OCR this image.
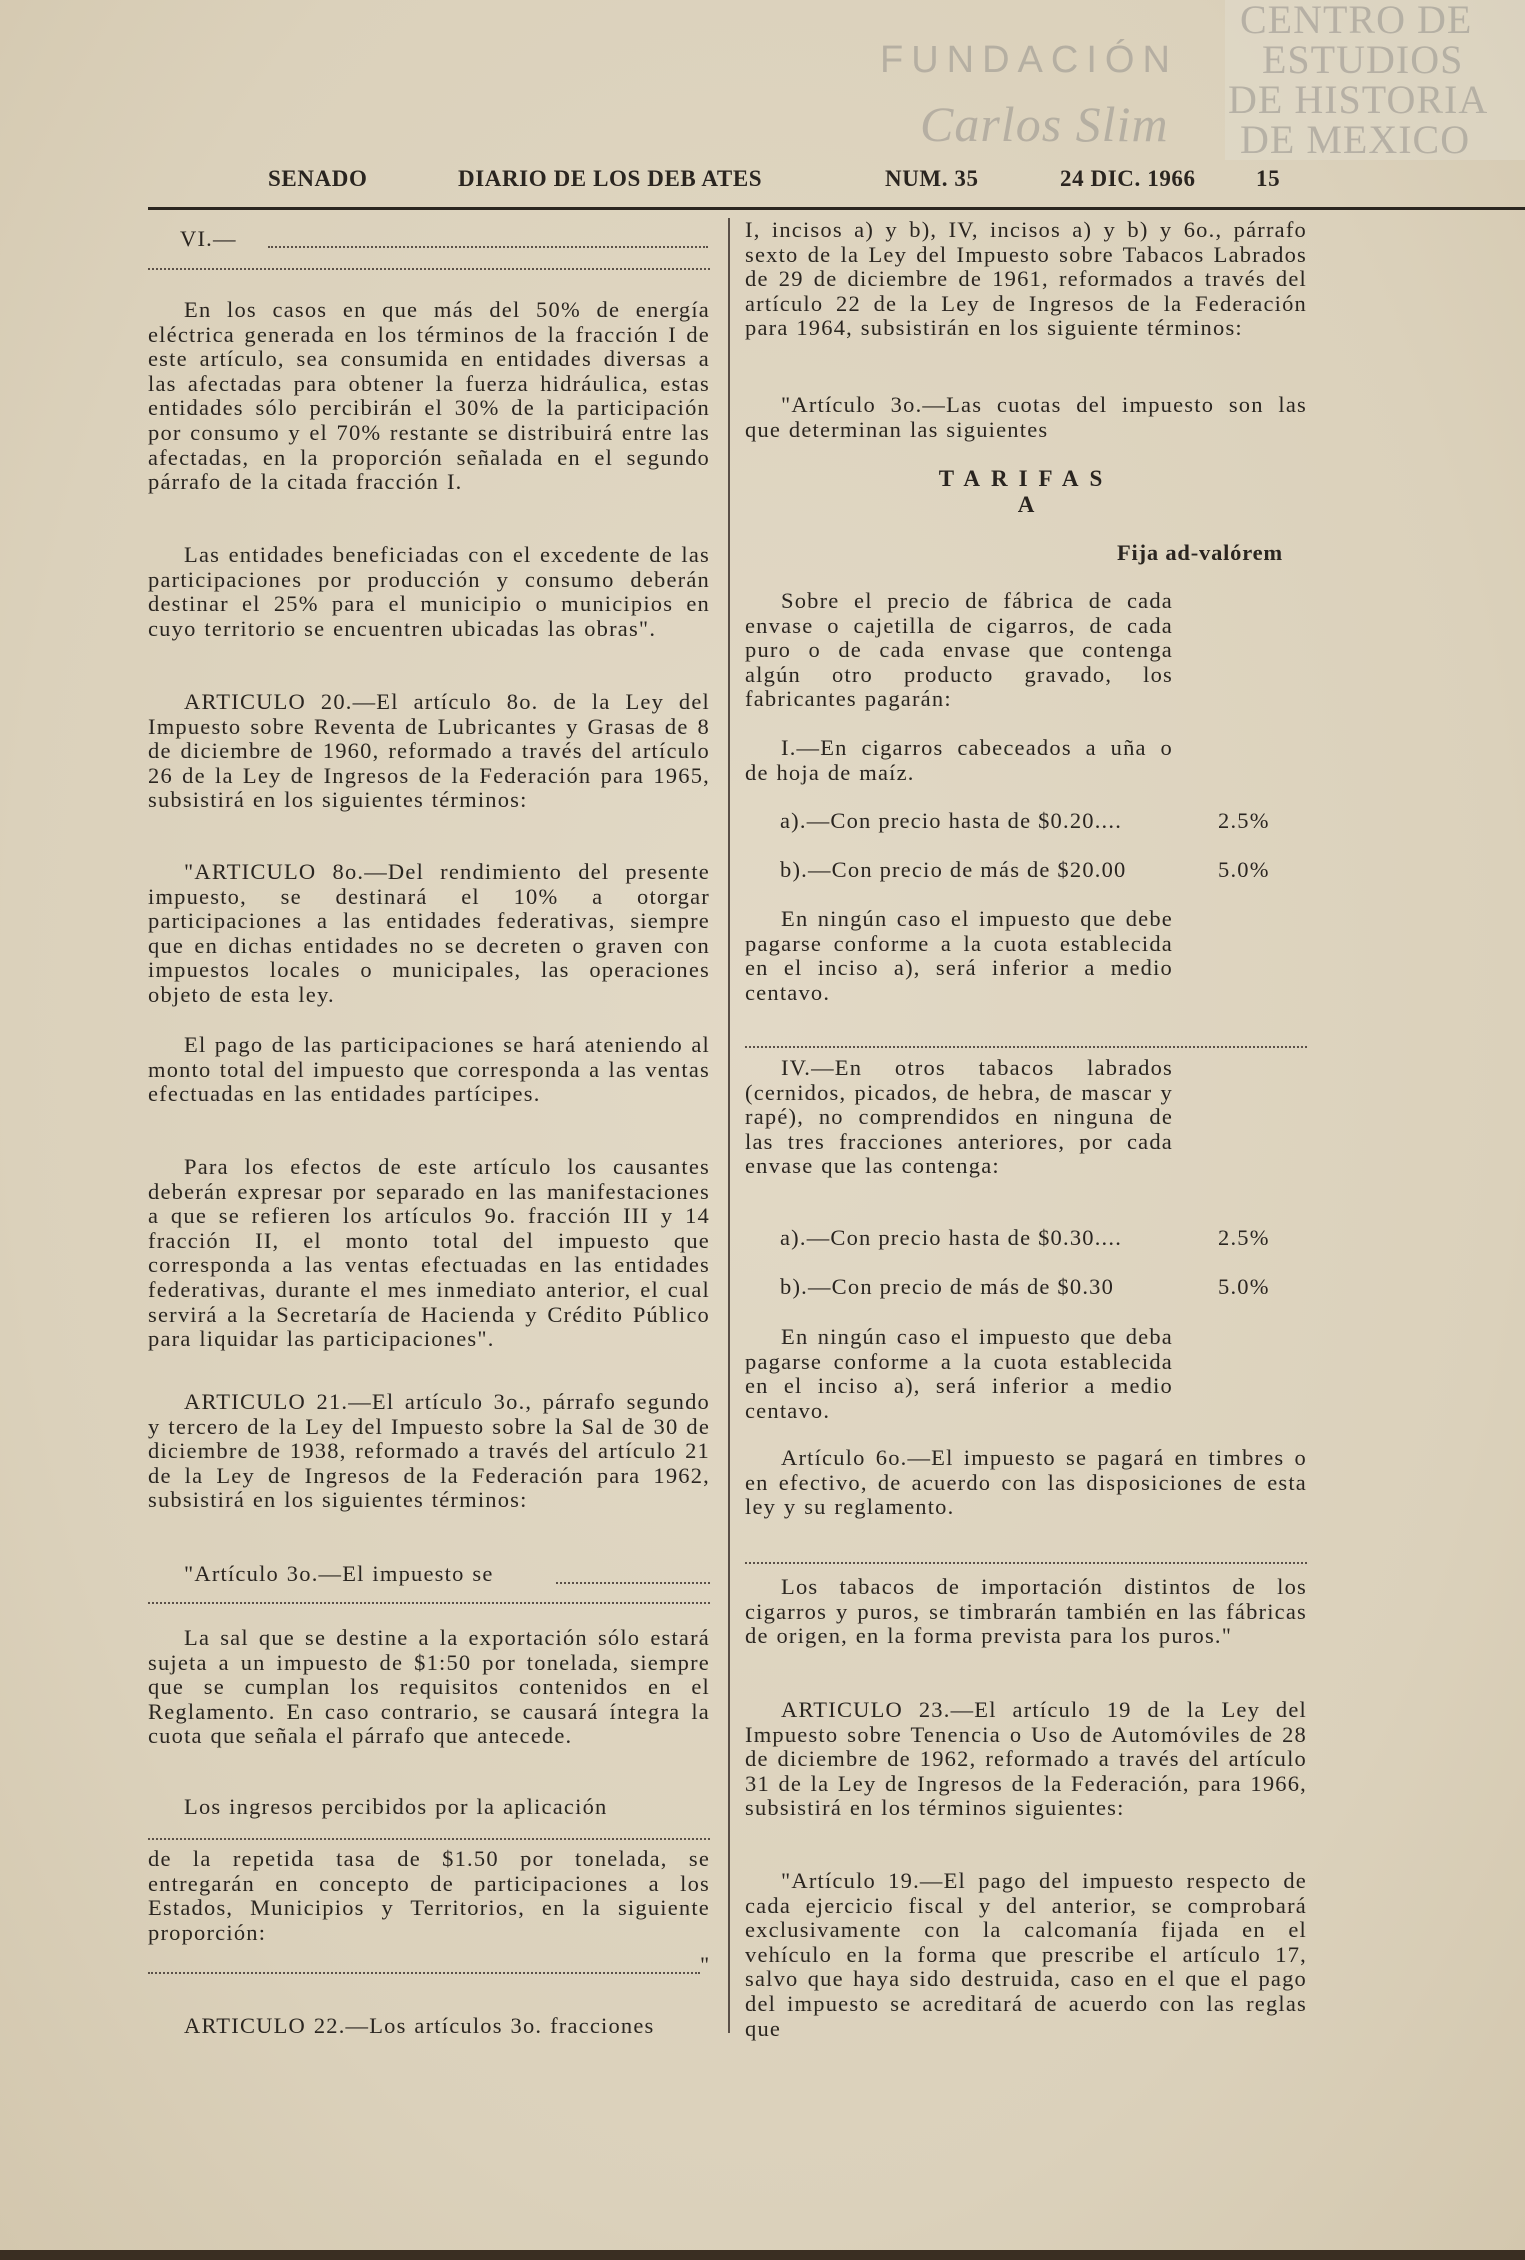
CENTRO DE
ESTUDIOS
DE HISTORIA
DE MEXICO
FUNDACIÓN
Carlos Slim
SENADO	DIARIO DE LOS DEB ATES	NUM. 35	24 DIC. 1966	15
VI.—

En los casos en que más del 50% de energía eléctrica generada en los términos de la fracción I de este artículo, sea consumida en entidades diversas a las afectadas para obtener la fuerza hidráulica, estas entidades sólo percibirán el 30% de la participación por consumo y el 70% restante se distribuirá entre las afectadas, en la proporción señalada en el segundo párrafo de la citada fracción I.

Las entidades beneficiadas con el excedente de las participaciones por producción y consumo deberán destinar el 25% para el municipio o municipios en cuyo territorio se encuentren ubicadas las obras".

ARTICULO 20.—El artículo 8o. de la Ley del Impuesto sobre Reventa de Lubricantes y Grasas de 8 de diciembre de 1960, reformado a través del artículo 26 de la Ley de Ingresos de la Federación para 1965, subsistirá en los siguientes términos:

"ARTICULO 8o.—Del rendimiento del presente impuesto, se destinará el 10% a otorgar participaciones a las entidades federativas, siempre que en dichas entidades no se decreten o graven con impuestos locales o municipales, las operaciones objeto de esta ley.

El pago de las participaciones se hará ateniendo al monto total del impuesto que corresponda a las ventas efectuadas en las entidades partícipes.

Para los efectos de este artículo los causantes deberán expresar por separado en las manifestaciones a que se refieren los artículos 9o. fracción III y 14 fracción II, el monto total del impuesto que corresponda a las ventas efectuadas en las entidades federativas, durante el mes inmediato anterior, el cual servirá a la Secretaría de Hacienda y Crédito Público para liquidar las participaciones".

ARTICULO 21.—El artículo 3o., párrafo segundo y tercero de la Ley del Impuesto sobre la Sal de 30 de diciembre de 1938, reformado a través del artículo 21 de la Ley de Ingresos de la Federación para 1962, subsistirá en los siguientes términos:

"Artículo 3o.—El impuesto se

La sal que se destine a la exportación sólo estará sujeta a un impuesto de $1:50 por tonelada, siempre que se cumplan los requisitos contenidos en el Reglamento. En caso contrario, se causará íntegra la cuota que señala el párrafo que antecede.

Los ingresos percibidos por la aplicación

de la repetida tasa de $1.50 por tonelada, se entregarán en concepto de participaciones a los Estados, Municipios y Territorios, en la siguiente proporción:

"

ARTICULO 22.—Los artículos 3o. fracciones

I, incisos a) y b), IV, incisos a) y b) y 6o., párrafo sexto de la Ley del Impuesto sobre Tabacos Labrados de 29 de diciembre de 1961, reformados a través del artículo 22 de la Ley de Ingresos de la Federación para 1964, subsistirán en los siguiente términos:

"Artículo 3o.—Las cuotas del impuesto son las que determinan las siguientes

TARIFAS
A
Fija ad-valórem

Sobre el precio de fábrica de cada envase o cajetilla de cigarros, de cada puro o de cada envase que contenga algún otro producto gravado, los fabricantes pagarán:

I.—En cigarros cabeceados a uña o de hoja de maíz.

a).—Con precio hasta de $0.20....	2.5%
b).—Con precio de más de $20.00	5.0%

En ningún caso el impuesto que debe pagarse conforme a la cuota establecida en el inciso a), será inferior a medio centavo.

IV.—En otros tabacos labrados (cernidos, picados, de hebra, de mascar y rapé), no comprendidos en ninguna de las tres fracciones anteriores, por cada envase que las contenga:

a).—Con precio hasta de $0.30....	2.5%
b).—Con precio de más de $0.30	5.0%

En ningún caso el impuesto que deba pagarse conforme a la cuota establecida en el inciso a), será inferior a medio centavo.

Artículo 6o.—El impuesto se pagará en timbres o en efectivo, de acuerdo con las disposiciones de esta ley y su reglamento.

Los tabacos de importación distintos de los cigarros y puros, se timbrarán también en las fábricas de origen, en la forma prevista para los puros."

ARTICULO 23.—El artículo 19 de la Ley del Impuesto sobre Tenencia o Uso de Automóviles de 28 de diciembre de 1962, reformado a través del artículo 31 de la Ley de Ingresos de la Federación, para 1966, subsistirá en los términos siguientes:

"Artículo 19.—El pago del impuesto respecto de cada ejercicio fiscal y del anterior, se comprobará exclusivamente con la calcomanía fijada en el vehículo en la forma que prescribe el artículo 17, salvo que haya sido destruida, caso en el que el pago del impuesto se acreditará de acuerdo con las reglas que
